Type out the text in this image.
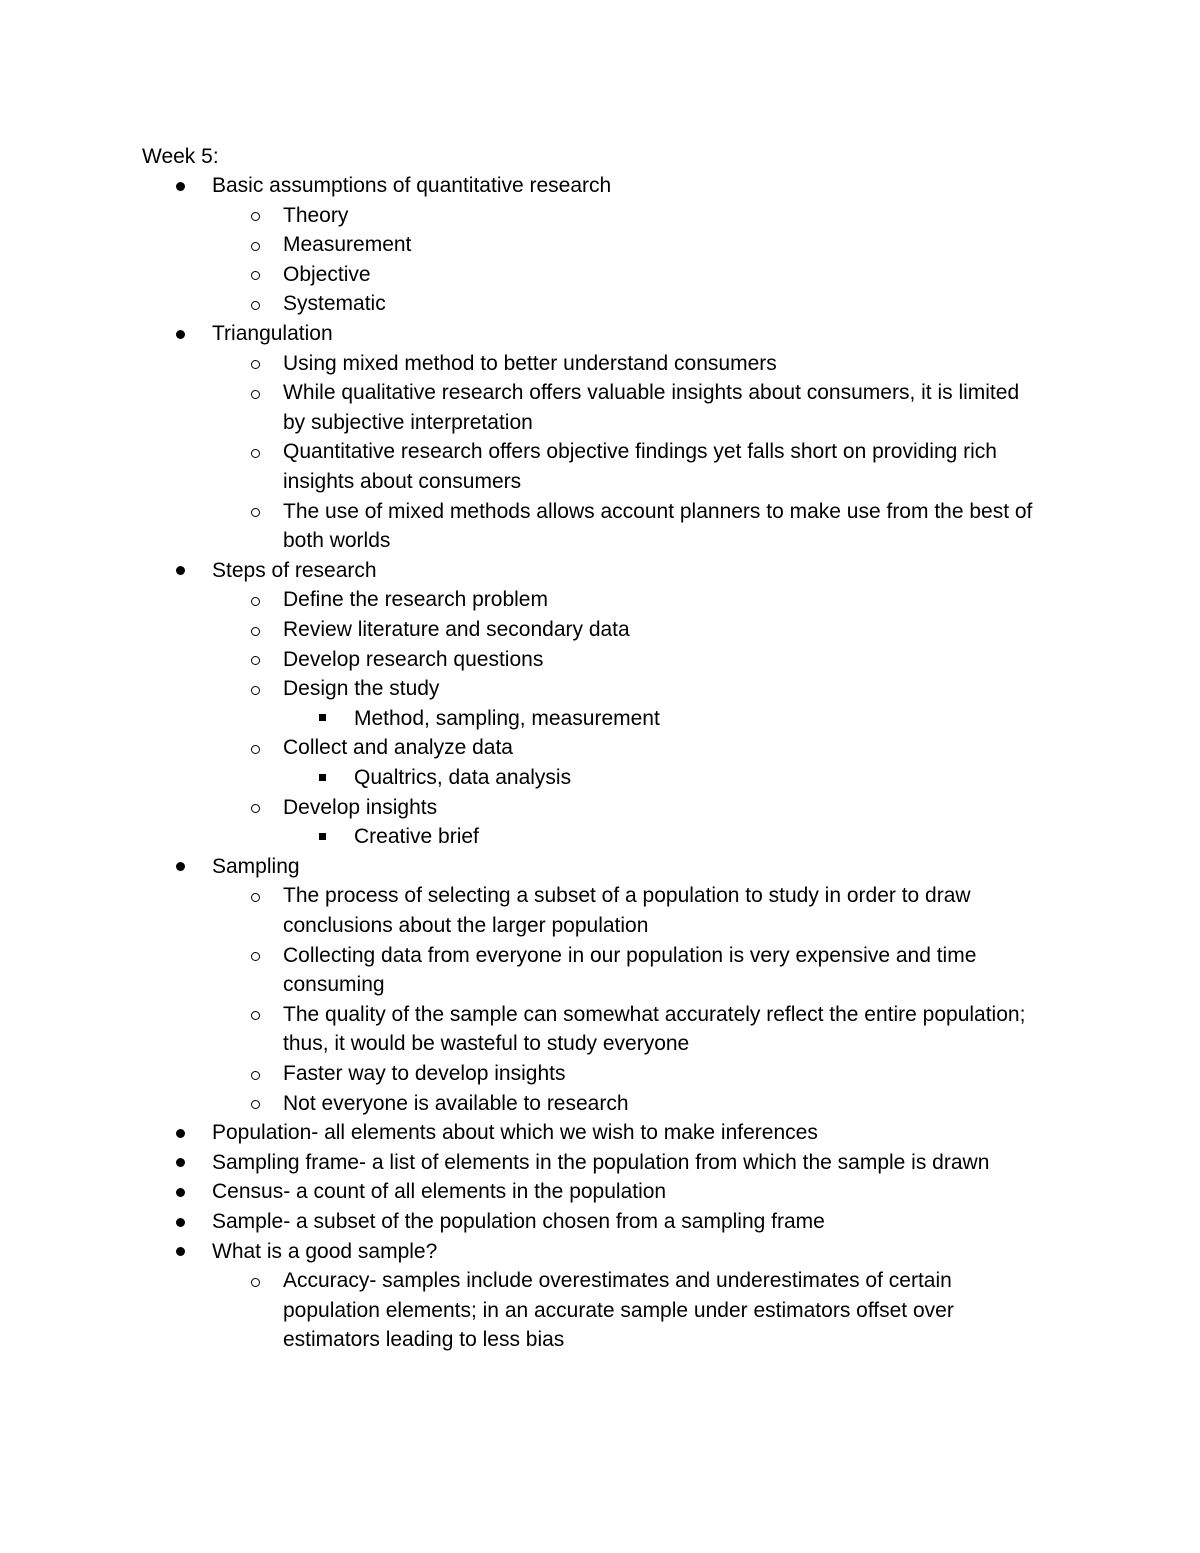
Week 5:
Basic assumptions of quantitative research
Theory
Measurement
Objective
Systematic
Triangulation
Using mixed method to better understand consumers
While qualitative research offers valuable insights about consumers, it is limited
by subjective interpretation
Quantitative research offers objective findings yet falls short on providing rich
insights about consumers
The use of mixed methods allows account planners to make use from the best of
both worlds
Steps of research
Define the research problem
Review literature and secondary data
Develop research questions
Design the study
Method, sampling, measurement
Collect and analyze data
Qualtrics, data analysis
Develop insights
Creative brief
Sampling
The process of selecting a subset of a population to study in order to draw
conclusions about the larger population
Collecting data from everyone in our population is very expensive and time
consuming
The quality of the sample can somewhat accurately reflect the entire population;
thus, it would be wasteful to study everyone
Faster way to develop insights
Not everyone is available to research
Population- all elements about which we wish to make inferences
Sampling frame- a list of elements in the population from which the sample is drawn
Census- a count of all elements in the population
Sample- a subset of the population chosen from a sampling frame
What is a good sample?
Accuracy- samples include overestimates and underestimates of certain
population elements; in an accurate sample under estimators offset over
estimators leading to less bias
